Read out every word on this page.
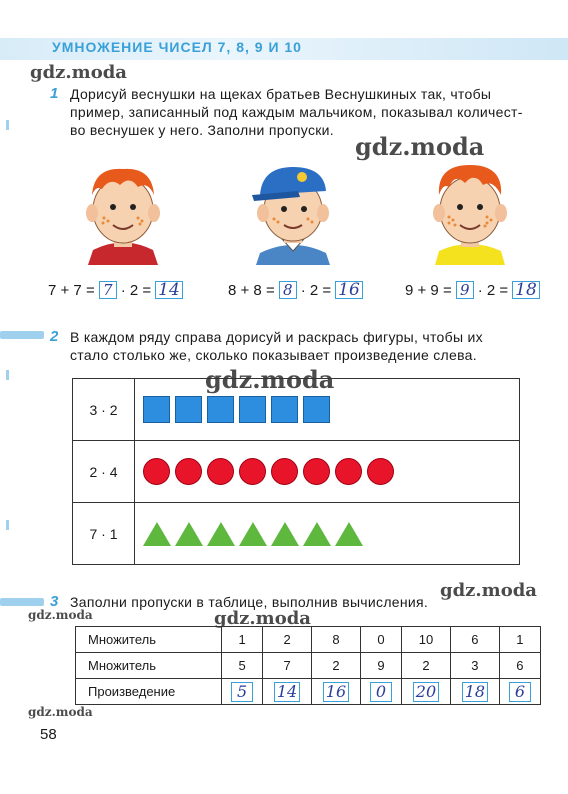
УМНОЖЕНИЕ ЧИСЕЛ 7, 8, 9 И 10
gdz.moda
gdz.moda
gdz.moda
gdz.moda
gdz.moda	gdz.moda
gdz.moda
1 Дорисуй веснушки на щеках братьев Веснушкиных так, чтобы
пример, записанный под каждым мальчиком, показывал количест-
во веснушек у него. Заполни пропуски.
7 + 7 = 7 · 2 = 14	8 + 8 = 8 · 2 = 16	9 + 9 = 9 · 2 = 18
2 В каждом ряду справа дорисуй и раскрась фигуры, чтобы их
стало столько же, сколько показывает произведение слева.
3 · 2	

2 · 4	

7 · 1	
3 Заполни пропуски в таблице, выполнив вычисления.
Множитель	1	2	8	0	10	6	1
Множитель	5	7	2	9	2	3	6
Произведение	5	14	16	0	20	18	6
58
